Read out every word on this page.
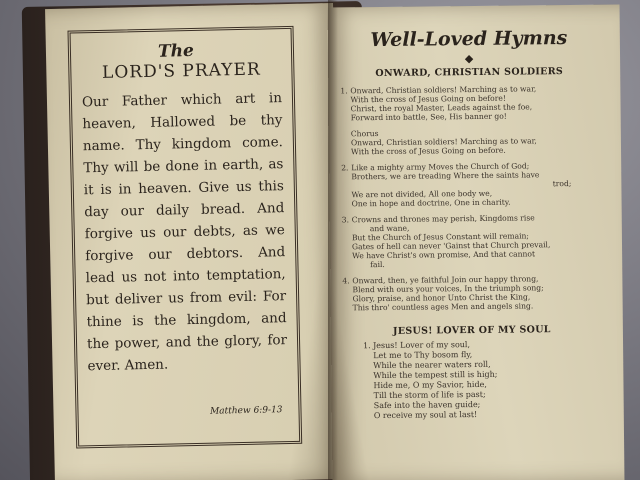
The
LORD'S PRAYER
Our Father which art in heaven, Hallowed be thy name. Thy kingdom come. Thy will be done in earth, as it is in heaven. Give us this day our daily bread. And forgive us our debts, as we forgive our debtors. And lead us not into temptation, but deliver us from evil: For thine is the kingdom, and the power, and the glory, for ever. Amen.
Matthew 6:9-13
Well-Loved Hymns
◆
ONWARD, CHRISTIAN SOLDIERS
1. Onward, Christian soldiers! Marching as to war,
With the cross of Jesus Going on before!
Christ, the royal Master, Leads against the foe,
Forward into battle, See, His banner go!
Chorus
Onward, Christian soldiers! Marching as to war,
With the cross of Jesus Going on before.
2. Like a mighty army Moves the Church of God;
Brothers, we are treading Where the saints have
trod;
We are not divided, All one body we,
One in hope and doctrine, One in charity.
3. Crowns and thrones may perish, Kingdoms rise
and wane,
But the Church of Jesus Constant will remain;
Gates of hell can never 'Gainst that Church prevail,
We have Christ's own promise, And that cannot
fail.
4. Onward, then, ye faithful Join our happy throng,
Blend with ours your voices, In the triumph song;
Glory, praise, and honor Unto Christ the King,
This thro' countless ages Men and angels sing.
JESUS! LOVER OF MY SOUL
1. Jesus! Lover of my soul,
Let me to Thy bosom fly,
While the nearer waters roll,
While the tempest still is high;
Hide me, O my Savior, hide,
Till the storm of life is past;
Safe into the haven guide;
O receive my soul at last!
